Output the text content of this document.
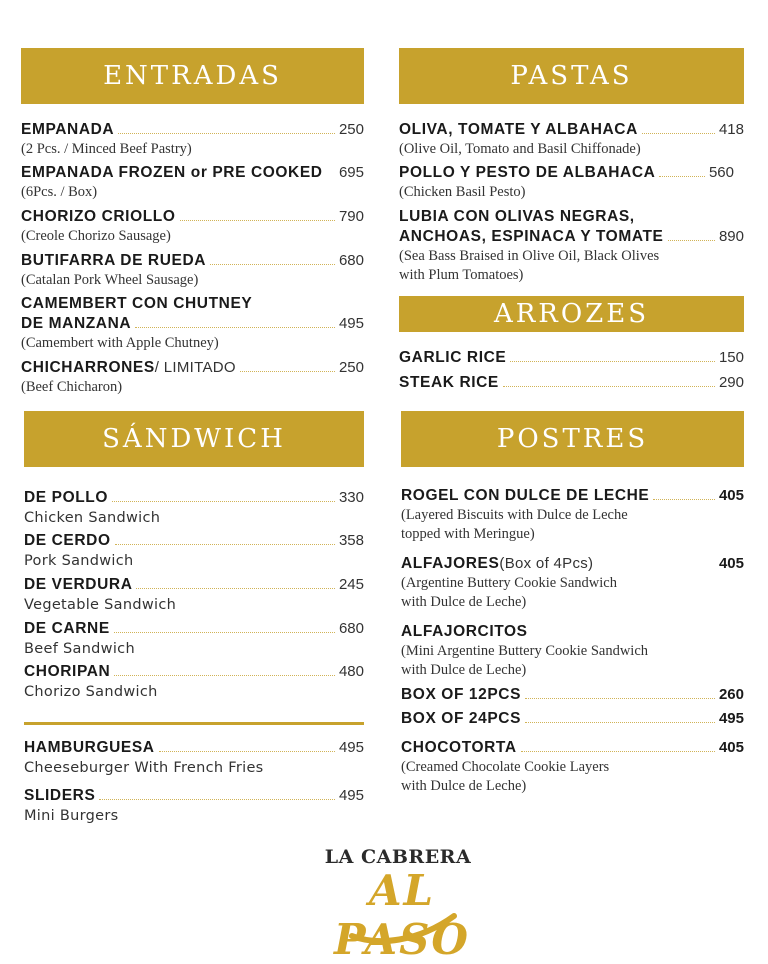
ENTRADAS	PASTAS
ARROZES
SÁNDWICH	POSTRES
EMPANADA	250
(2 Pcs. / Minced Beef Pastry)
EMPANADA FROZEN or PRE COOKED 695
(6Pcs. / Box)
CHORIZO CRIOLLO	790
(Creole Chorizo Sausage)
BUTIFARRA DE RUEDA	680
(Catalan Pork Wheel Sausage)
CAMEMBERT CON CHUTNEY
DE MANZANA	495
(Camembert with Apple Chutney)
CHICHARRONES / LIMITADO	250
(Beef Chicharon)
OLIVA, TOMATE Y ALBAHACA	418
(Olive Oil, Tomato and Basil Chiffonade)
POLLO Y PESTO DE ALBAHACA	560
(Chicken Basil Pesto)
LUBIA CON OLIVAS NEGRAS,
ANCHOAS, ESPINACA Y TOMATE	890
(Sea Bass Braised in Olive Oil, Black Olives
with Plum Tomatoes)
GARLIC RICE	150
STEAK RICE	290
DE POLLO	330
Chicken Sandwich
DE CERDO	358
Pork Sandwich
DE VERDURA	245
Vegetable Sandwich
DE CARNE	680
Beef Sandwich
CHORIPAN	480
Chorizo Sandwich
HAMBURGUESA	495
Cheeseburger With French Fries
SLIDERS	495
Mini Burgers
ROGEL CON DULCE DE LECHE	405
(Layered Biscuits with Dulce de Leche
topped with Meringue)
ALFAJORES (Box of 4Pcs)	405
(Argentine Buttery Cookie Sandwich
with Dulce de Leche)
ALFAJORCITOS
(Mini Argentine Buttery Cookie Sandwich
with Dulce de Leche)
BOX OF 12PCS	260
BOX OF 24PCS	495
CHOCOTORTA	405
(Creamed Chocolate Cookie Layers
with Dulce de Leche)
LA CABRERA
AL PASO
